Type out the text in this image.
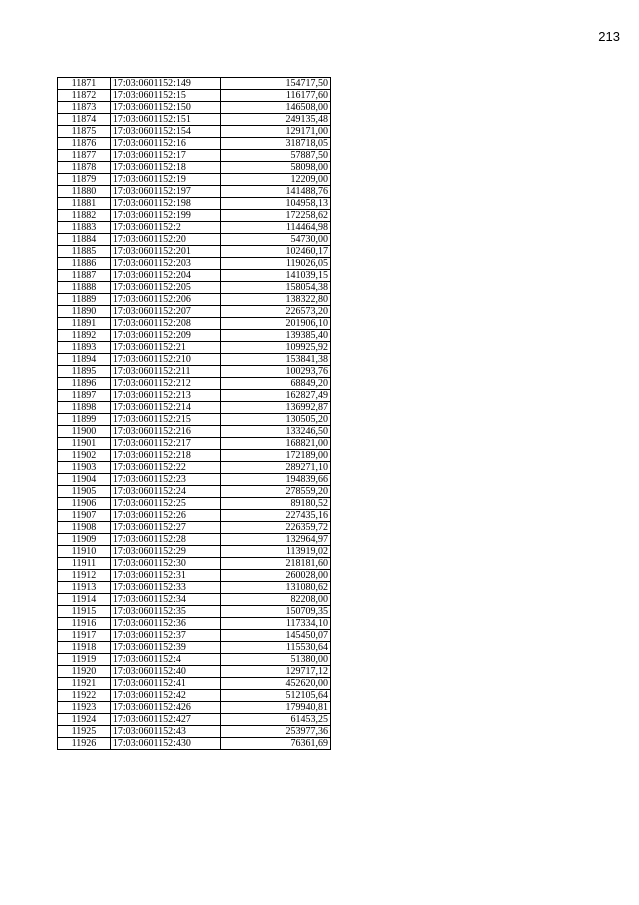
213
11871	17:03:0601152:149	154717,50
11872	17:03:0601152:15	116177,60
11873	17:03:0601152:150	146508,00
11874	17:03:0601152:151	249135,48
11875	17:03:0601152:154	129171,00
11876	17:03:0601152:16	318718,05
11877	17:03:0601152:17	57887,50
11878	17:03:0601152:18	58098,00
11879	17:03:0601152:19	12209,00
11880	17:03:0601152:197	141488,76
11881	17:03:0601152:198	104958,13
11882	17:03:0601152:199	172258,62
11883	17:03:0601152:2	114464,98
11884	17:03:0601152:20	54730,00
11885	17:03:0601152:201	102460,17
11886	17:03:0601152:203	119026,05
11887	17:03:0601152:204	141039,15
11888	17:03:0601152:205	158054,38
11889	17:03:0601152:206	138322,80
11890	17:03:0601152:207	226573,20
11891	17:03:0601152:208	201906,10
11892	17:03:0601152:209	139385,40
11893	17:03:0601152:21	109925,92
11894	17:03:0601152:210	153841,38
11895	17:03:0601152:211	100293,76
11896	17:03:0601152:212	68849,20
11897	17:03:0601152:213	162827,49
11898	17:03:0601152:214	136992,87
11899	17:03:0601152:215	130505,20
11900	17:03:0601152:216	133246,50
11901	17:03:0601152:217	168821,00
11902	17:03:0601152:218	172189,00
11903	17:03:0601152:22	289271,10
11904	17:03:0601152:23	194839,66
11905	17:03:0601152:24	278559,20
11906	17:03:0601152:25	89180,52
11907	17:03:0601152:26	227435,16
11908	17:03:0601152:27	226359,72
11909	17:03:0601152:28	132964,97
11910	17:03:0601152:29	113919,02
11911	17:03:0601152:30	218181,60
11912	17:03:0601152:31	260028,00
11913	17:03:0601152:33	131080,62
11914	17:03:0601152:34	82208,00
11915	17:03:0601152:35	150709,35
11916	17:03:0601152:36	117334,10
11917	17:03:0601152:37	145450,07
11918	17:03:0601152:39	115530,64
11919	17:03:0601152:4	51380,00
11920	17:03:0601152:40	129717,12
11921	17:03:0601152:41	452620,00
11922	17:03:0601152:42	512105,64
11923	17:03:0601152:426	179940,81
11924	17:03:0601152:427	61453,25
11925	17:03:0601152:43	253977,36
11926	17:03:0601152:430	76361,69
